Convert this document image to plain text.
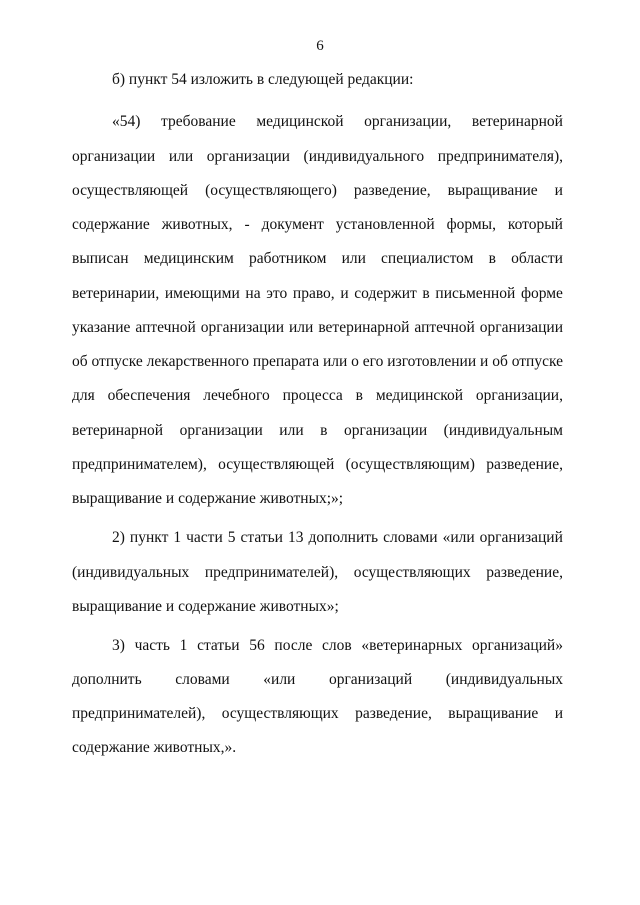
6
б) пункт 54 изложить в следующей редакции:
«54) требование медицинской организации, ветеринарной
организации или организации (индивидуального предпринимателя),
осуществляющей (осуществляющего) разведение, выращивание и
содержание животных, - документ установленной формы, который
выписан медицинским работником или специалистом в области
ветеринарии, имеющими на это право, и содержит в письменной форме
указание аптечной организации или ветеринарной аптечной организации
об отпуске лекарственного препарата или о его изготовлении и об отпуске
для обеспечения лечебного процесса в медицинской организации,
ветеринарной организации или в организации (индивидуальным
предпринимателем), осуществляющей (осуществляющим) разведение,
выращивание и содержание животных;»;
2) пункт 1 части 5 статьи 13 дополнить словами «или организаций
(индивидуальных предпринимателей), осуществляющих разведение,
выращивание и содержание животных»;
3) часть 1 статьи 56 после слов «ветеринарных организаций»
дополнить словами «или организаций (индивидуальных
предпринимателей), осуществляющих разведение, выращивание и
содержание животных,».
